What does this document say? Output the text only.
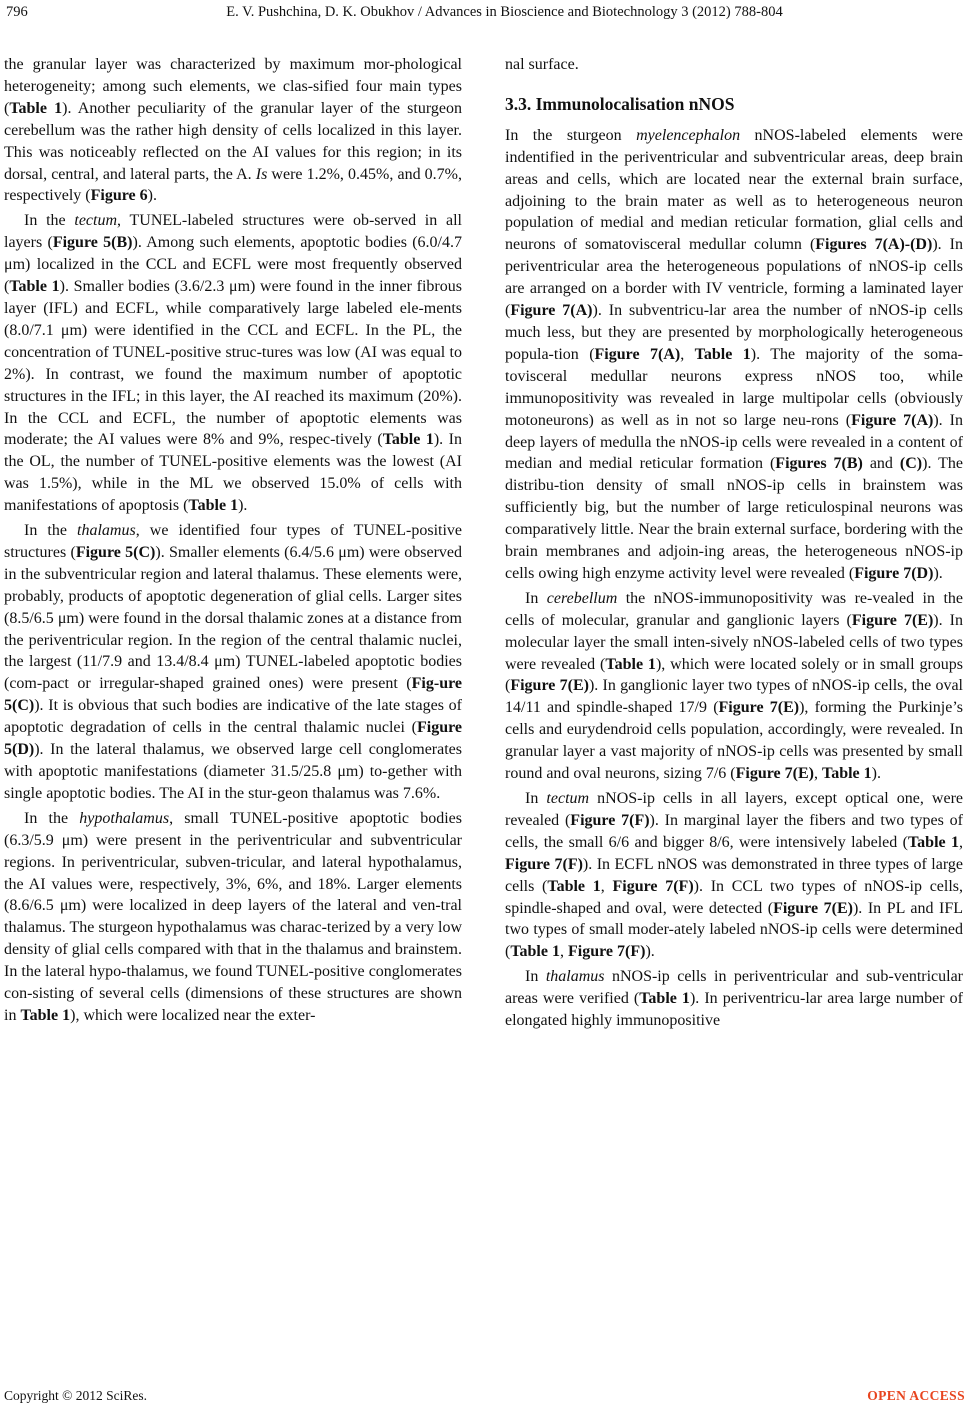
796	E. V. Pushchina, D. K. Obukhov / Advances in Bioscience and Biotechnology 3 (2012) 788-804

the granular layer was characterized by maximum mor-phological heterogeneity; among such elements, we clas-sified four main types (Table 1). Another peculiarity of the granular layer of the sturgeon cerebellum was the rather high density of cells localized in this layer. This was noticeably reflected on the AI values for this region; in its dorsal, central, and lateral parts, the A. Is were 1.2%, 0.45%, and 0.7%, respectively (Figure 6).

In the tectum, TUNEL-labeled structures were ob-served in all layers (Figure 5(B)). Among such elements, apoptotic bodies (6.0/4.7 μm) localized in the CCL and ECFL were most frequently observed (Table 1). Smaller bodies (3.6/2.3 μm) were found in the inner fibrous layer (IFL) and ECFL, while comparatively large labeled ele-ments (8.0/7.1 μm) were identified in the CCL and ECFL. In the PL, the concentration of TUNEL-positive struc-tures was low (AI was equal to 2%). In contrast, we found the maximum number of apoptotic structures in the IFL; in this layer, the AI reached its maximum (20%). In the CCL and ECFL, the number of apoptotic elements was moderate; the AI values were 8% and 9%, respec-tively (Table 1). In the OL, the number of TUNEL-positive elements was the lowest (AI was 1.5%), while in the ML we observed 15.0% of cells with manifestations of apoptosis (Table 1).

In the thalamus, we identified four types of TUNEL-positive structures (Figure 5(C)). Smaller elements (6.4/5.6 μm) were observed in the subventricular region and lateral thalamus. These elements were, probably, products of apoptotic degeneration of glial cells. Larger sites (8.5/6.5 μm) were found in the dorsal thalamic zones at a distance from the periventricular region. In the region of the central thalamic nuclei, the largest (11/7.9 and 13.4/8.4 μm) TUNEL-labeled apoptotic bodies (com-pact or irregular-shaped grained ones) were present (Fig-ure 5(C)). It is obvious that such bodies are indicative of the late stages of apoptotic degradation of cells in the central thalamic nuclei (Figure 5(D)). In the lateral thalamus, we observed large cell conglomerates with apoptotic manifestations (diameter 31.5/25.8 μm) to-gether with single apoptotic bodies. The AI in the stur-geon thalamus was 7.6%.

In the hypothalamus, small TUNEL-positive apoptotic bodies (6.3/5.9 μm) were present in the periventricular and subventricular regions. In periventricular, subven-tricular, and lateral hypothalamus, the AI values were, respectively, 3%, 6%, and 18%. Larger elements (8.6/6.5 μm) were localized in deep layers of the lateral and ven-tral thalamus. The sturgeon hypothalamus was charac-terized by a very low density of glial cells compared with that in the thalamus and brainstem. In the lateral hypo-thalamus, we found TUNEL-positive conglomerates con-sisting of several cells (dimensions of these structures are shown in Table 1), which were localized near the exter-

nal surface.

3.3. Immunolocalisation nNOS

In the sturgeon myelencephalon nNOS-labeled elements were indentified in the periventricular and subventricular areas, deep brain areas and cells, which are located near the external brain surface, adjoining to the brain mater as well as to heterogeneous neuron population of medial and median reticular formation, glial cells and neurons of somatovisceral medullar column (Figures 7(A)-(D)). In periventricular area the heterogeneous populations of nNOS-ip cells are arranged on a border with IV ventricle, forming a laminated layer (Figure 7(A)). In subventricu-lar area the number of nNOS-ip cells much less, but they are presented by morphologically heterogeneous popula-tion (Figure 7(A), Table 1). The majority of the soma-tovisceral medullar neurons express nNOS too, while immunopositivity was revealed in large multipolar cells (obviously motoneurons) as well as in not so large neu-rons (Figure 7(A)). In deep layers of medulla the nNOS-ip cells were revealed in a content of median and medial reticular formation (Figures 7(B) and (C)). The distribu-tion density of small nNOS-ip cells in brainstem was sufficiently big, but the number of large reticulospinal neurons was comparatively little. Near the brain external surface, bordering with the brain membranes and adjoin-ing areas, the heterogeneous nNOS-ip cells owing high enzyme activity level were revealed (Figure 7(D)).

In cerebellum the nNOS-immunopositivity was re-vealed in the cells of molecular, granular and ganglionic layers (Figure 7(E)). In molecular layer the small inten-sively nNOS-labeled cells of two types were revealed (Table 1), which were located solely or in small groups (Figure 7(E)). In ganglionic layer two types of nNOS-ip cells, the oval 14/11 and spindle-shaped 17/9 (Figure 7(E)), forming the Purkinje’s cells and eurydendroid cells population, accordingly, were revealed. In granular layer a vast majority of nNOS-ip cells was presented by small round and oval neurons, sizing 7/6 (Figure 7(E), Table 1).

In tectum nNOS-ip cells in all layers, except optical one, were revealed (Figure 7(F)). In marginal layer the fibers and two types of cells, the small 6/6 and bigger 8/6, were intensively labeled (Table 1, Figure 7(F)). In ECFL nNOS was demonstrated in three types of large cells (Table 1, Figure 7(F)). In CCL two types of nNOS-ip cells, spindle-shaped and oval, were detected (Figure 7(E)). In PL and IFL two types of small moder-ately labeled nNOS-ip cells were determined (Table 1, Figure 7(F)).

In thalamus nNOS-ip cells in periventricular and sub-ventricular areas were verified (Table 1). In periventricu-lar area large number of elongated highly immunopositive

Copyright © 2012 SciRes.	OPEN ACCESS
